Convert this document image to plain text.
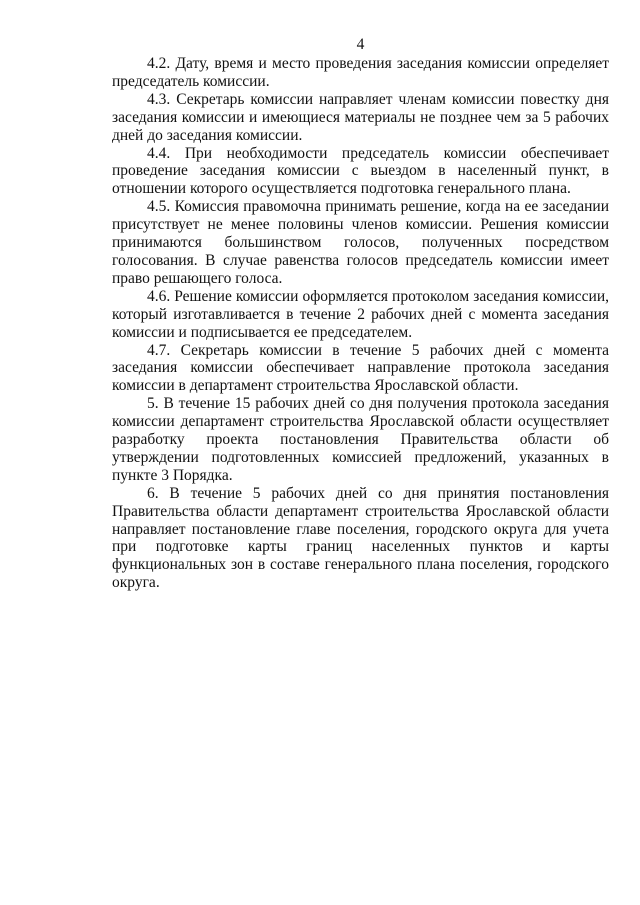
4

4.2. Дату, время и место проведения заседания комиссии определяет председатель комиссии.

4.3. Секретарь комиссии направляет членам комиссии повестку дня заседания комиссии и имеющиеся материалы не позднее чем за 5 рабочих дней до заседания комиссии.

4.4. При необходимости председатель комиссии обеспечивает проведение заседания комиссии с выездом в населенный пункт, в отношении которого осуществляется подготовка генерального плана.

4.5. Комиссия правомочна принимать решение, когда на ее заседании присутствует не менее половины членов комиссии. Решения комиссии принимаются большинством голосов, полученных посредством голосования. В случае равенства голосов председатель комиссии имеет право решающего голоса.

4.6. Решение комиссии оформляется протоколом заседания комиссии, который изготавливается в течение 2 рабочих дней с момента заседания комиссии и подписывается ее председателем.

4.7. Секретарь комиссии в течение 5 рабочих дней с момента заседания комиссии обеспечивает направление протокола заседания комиссии в департамент строительства Ярославской области.

5. В течение 15 рабочих дней со дня получения протокола заседания комиссии департамент строительства Ярославской области осуществляет разработку проекта постановления Правительства области об утверждении подготовленных комиссией предложений, указанных в пункте 3 Порядка.

6. В течение 5 рабочих дней со дня принятия постановления Правительства области департамент строительства Ярославской области направляет постановление главе поселения, городского округа для учета при подготовке карты границ населенных пунктов и карты функциональных зон в составе генерального плана поселения, городского округа.
